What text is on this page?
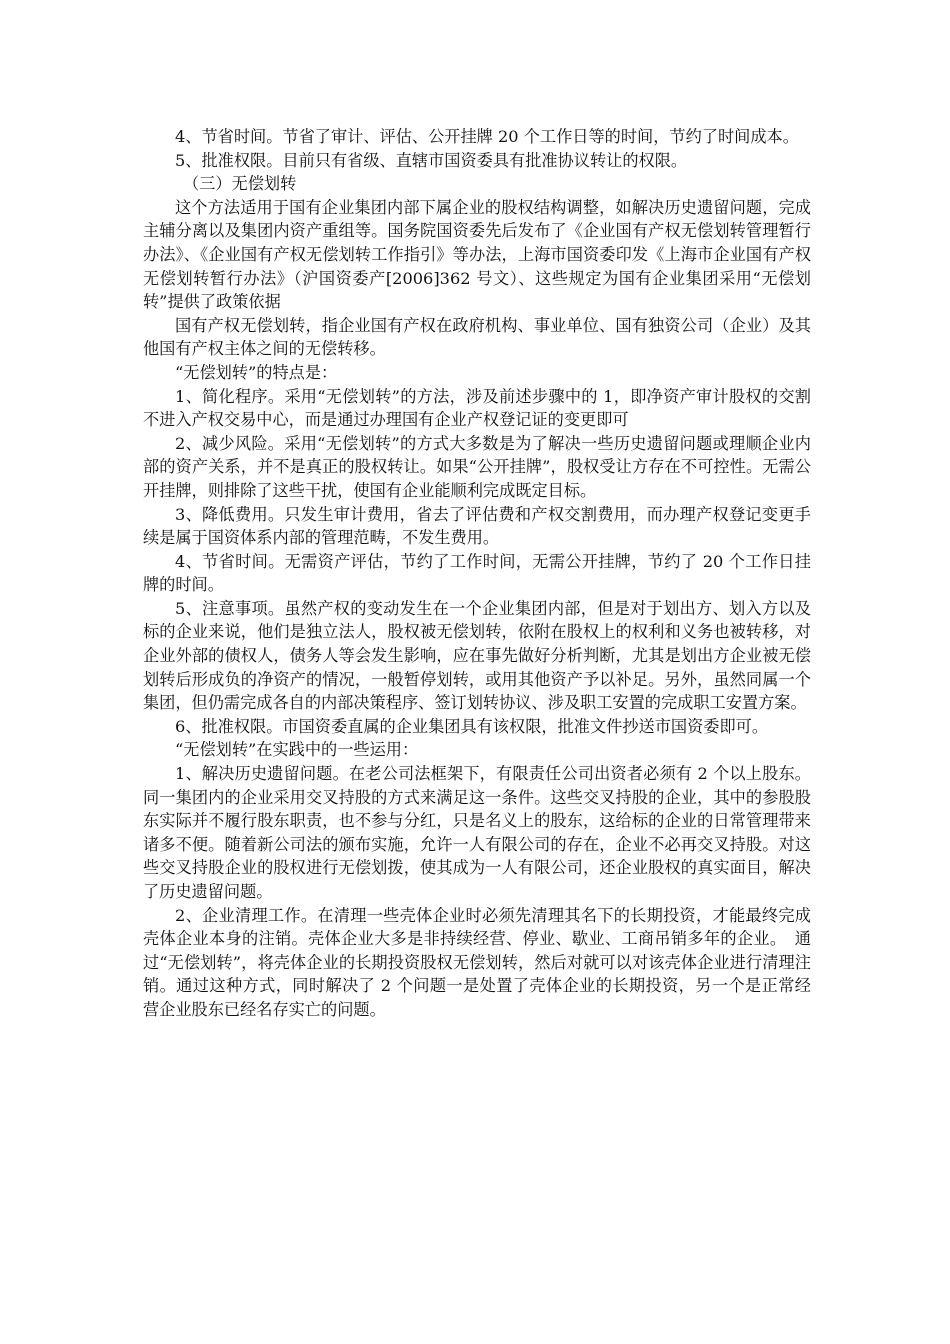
4、节省时间。节省了审计、评估、公开挂牌 20 个工作日等的时间，节约了时间成本。

5、批准权限。目前只有省级、直辖市国资委具有批准协议转让的权限。

（三）无偿划转

这个方法适用于国有企业集团内部下属企业的股权结构调整，如解决历史遗留问题，完成主辅分离以及集团内资产重组等。国务院国资委先后发布了《企业国有产权无偿划转管理暂行办法》、《企业国有产权无偿划转工作指引》等办法，上海市国资委印发《上海市企业国有产权无偿划转暂行办法》（沪国资委产[2006]362 号文）、这些规定为国有企业集团采用“无偿划转”提供了政策依据

国有产权无偿划转，指企业国有产权在政府机构、事业单位、国有独资公司（企业）及其他国有产权主体之间的无偿转移。

“无偿划转”的特点是：

1、简化程序。采用“无偿划转”的方法，涉及前述步骤中的 1，即净资产审计股权的交割不进入产权交易中心，而是通过办理国有企业产权登记证的变更即可

2、减少风险。采用“无偿划转”的方式大多数是为了解决一些历史遗留问题或理顺企业内部的资产关系，并不是真正的股权转让。如果“公开挂牌”，股权受让方存在不可控性。无需公开挂牌，则排除了这些干扰，使国有企业能顺利完成既定目标。

3、降低费用。只发生审计费用，省去了评估费和产权交割费用，而办理产权登记变更手续是属于国资体系内部的管理范畴，不发生费用。

4、节省时间。无需资产评估，节约了工作时间，无需公开挂牌，节约了 20 个工作日挂牌的时间。

5、注意事项。虽然产权的变动发生在一个企业集团内部，但是对于划出方、划入方以及标的企业来说，他们是独立法人，股权被无偿划转，依附在股权上的权利和义务也被转移，对企业外部的债权人，债务人等会发生影响，应在事先做好分析判断，尤其是划出方企业被无偿划转后形成负的净资产的情况，一般暂停划转，或用其他资产予以补足。另外，虽然同属一个集团，但仍需完成各自的内部决策程序、签订划转协议、涉及职工安置的完成职工安置方案。

6、批准权限。市国资委直属的企业集团具有该权限，批准文件抄送市国资委即可。

“无偿划转”在实践中的一些运用：

1、解决历史遗留问题。在老公司法框架下，有限责任公司出资者必须有 2 个以上股东。同一集团内的企业采用交叉持股的方式来满足这一条件。这些交叉持股的企业，其中的参股股东实际并不履行股东职责，也不参与分红，只是名义上的股东，这给标的企业的日常管理带来诸多不便。随着新公司法的颁布实施，允许一人有限公司的存在，企业不必再交叉持股。对这些交叉持股企业的股权进行无偿划拨，使其成为一人有限公司，还企业股权的真实面目，解决了历史遗留问题。

2、企业清理工作。在清理一些壳体企业时必须先清理其名下的长期投资，才能最终完成壳体企业本身的注销。壳体企业大多是非持续经营、停业、歇业、工商吊销多年的企业。　通过“无偿划转”，将壳体企业的长期投资股权无偿划转，然后对就可以对该壳体企业进行清理注销。通过这种方式，同时解决了 2 个问题一是处置了壳体企业的长期投资，另一个是正常经营企业股东已经名存实亡的问题。
